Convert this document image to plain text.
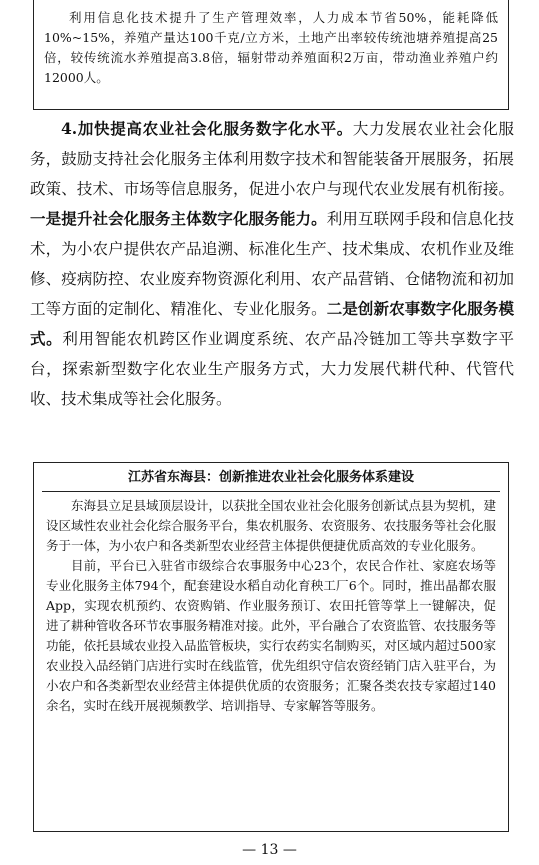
利用信息化技术提升了生产管理效率，人力成本节省50%，能耗降低10%~15%，养殖产量达100千克/立方米，土地产出率较传统池塘养殖提高25倍，较传统流水养殖提高3.8倍，辐射带动养殖面积2万亩，带动渔业养殖户约12000人。

4.加快提高农业社会化服务数字化水平。大力发展农业社会化服务，鼓励支持社会化服务主体利用数字技术和智能装备开展服务，拓展政策、技术、市场等信息服务，促进小农户与现代农业发展有机衔接。一是提升社会化服务主体数字化服务能力。利用互联网手段和信息化技术，为小农户提供农产品追溯、标准化生产、技术集成、农机作业及维修、疫病防控、农业废弃物资源化利用、农产品营销、仓储物流和初加工等方面的定制化、精准化、专业化服务。二是创新农事数字化服务模式。利用智能农机跨区作业调度系统、农产品冷链加工等共享数字平台，探索新型数字化农业生产服务方式，大力发展代耕代种、代管代收、技术集成等社会化服务。

江苏省东海县：创新推进农业社会化服务体系建设

东海县立足县域顶层设计，以获批全国农业社会化服务创新试点县为契机，建设区域性农业社会化综合服务平台，集农机服务、农资服务、农技服务等社会化服务于一体，为小农户和各类新型农业经营主体提供便捷优质高效的专业化服务。

目前，平台已入驻省市级综合农事服务中心23个，农民合作社、家庭农场等专业化服务主体794个，配套建设水稻自动化育秧工厂6个。同时，推出晶都农服App，实现农机预约、农资购销、作业服务预订、农田托管等掌上一键解决，促进了耕种管收各环节农事服务精准对接。此外，平台融合了农资监管、农技服务等功能，依托县域农业投入品监管板块，实行农药实名制购买，对区域内超过500家农业投入品经销门店进行实时在线监管，优先组织守信农资经销门店入驻平台，为小农户和各类新型农业经营主体提供优质的农资服务；汇聚各类农技专家超过140余名，实时在线开展视频教学、培训指导、专家解答等服务。

— 13 —
